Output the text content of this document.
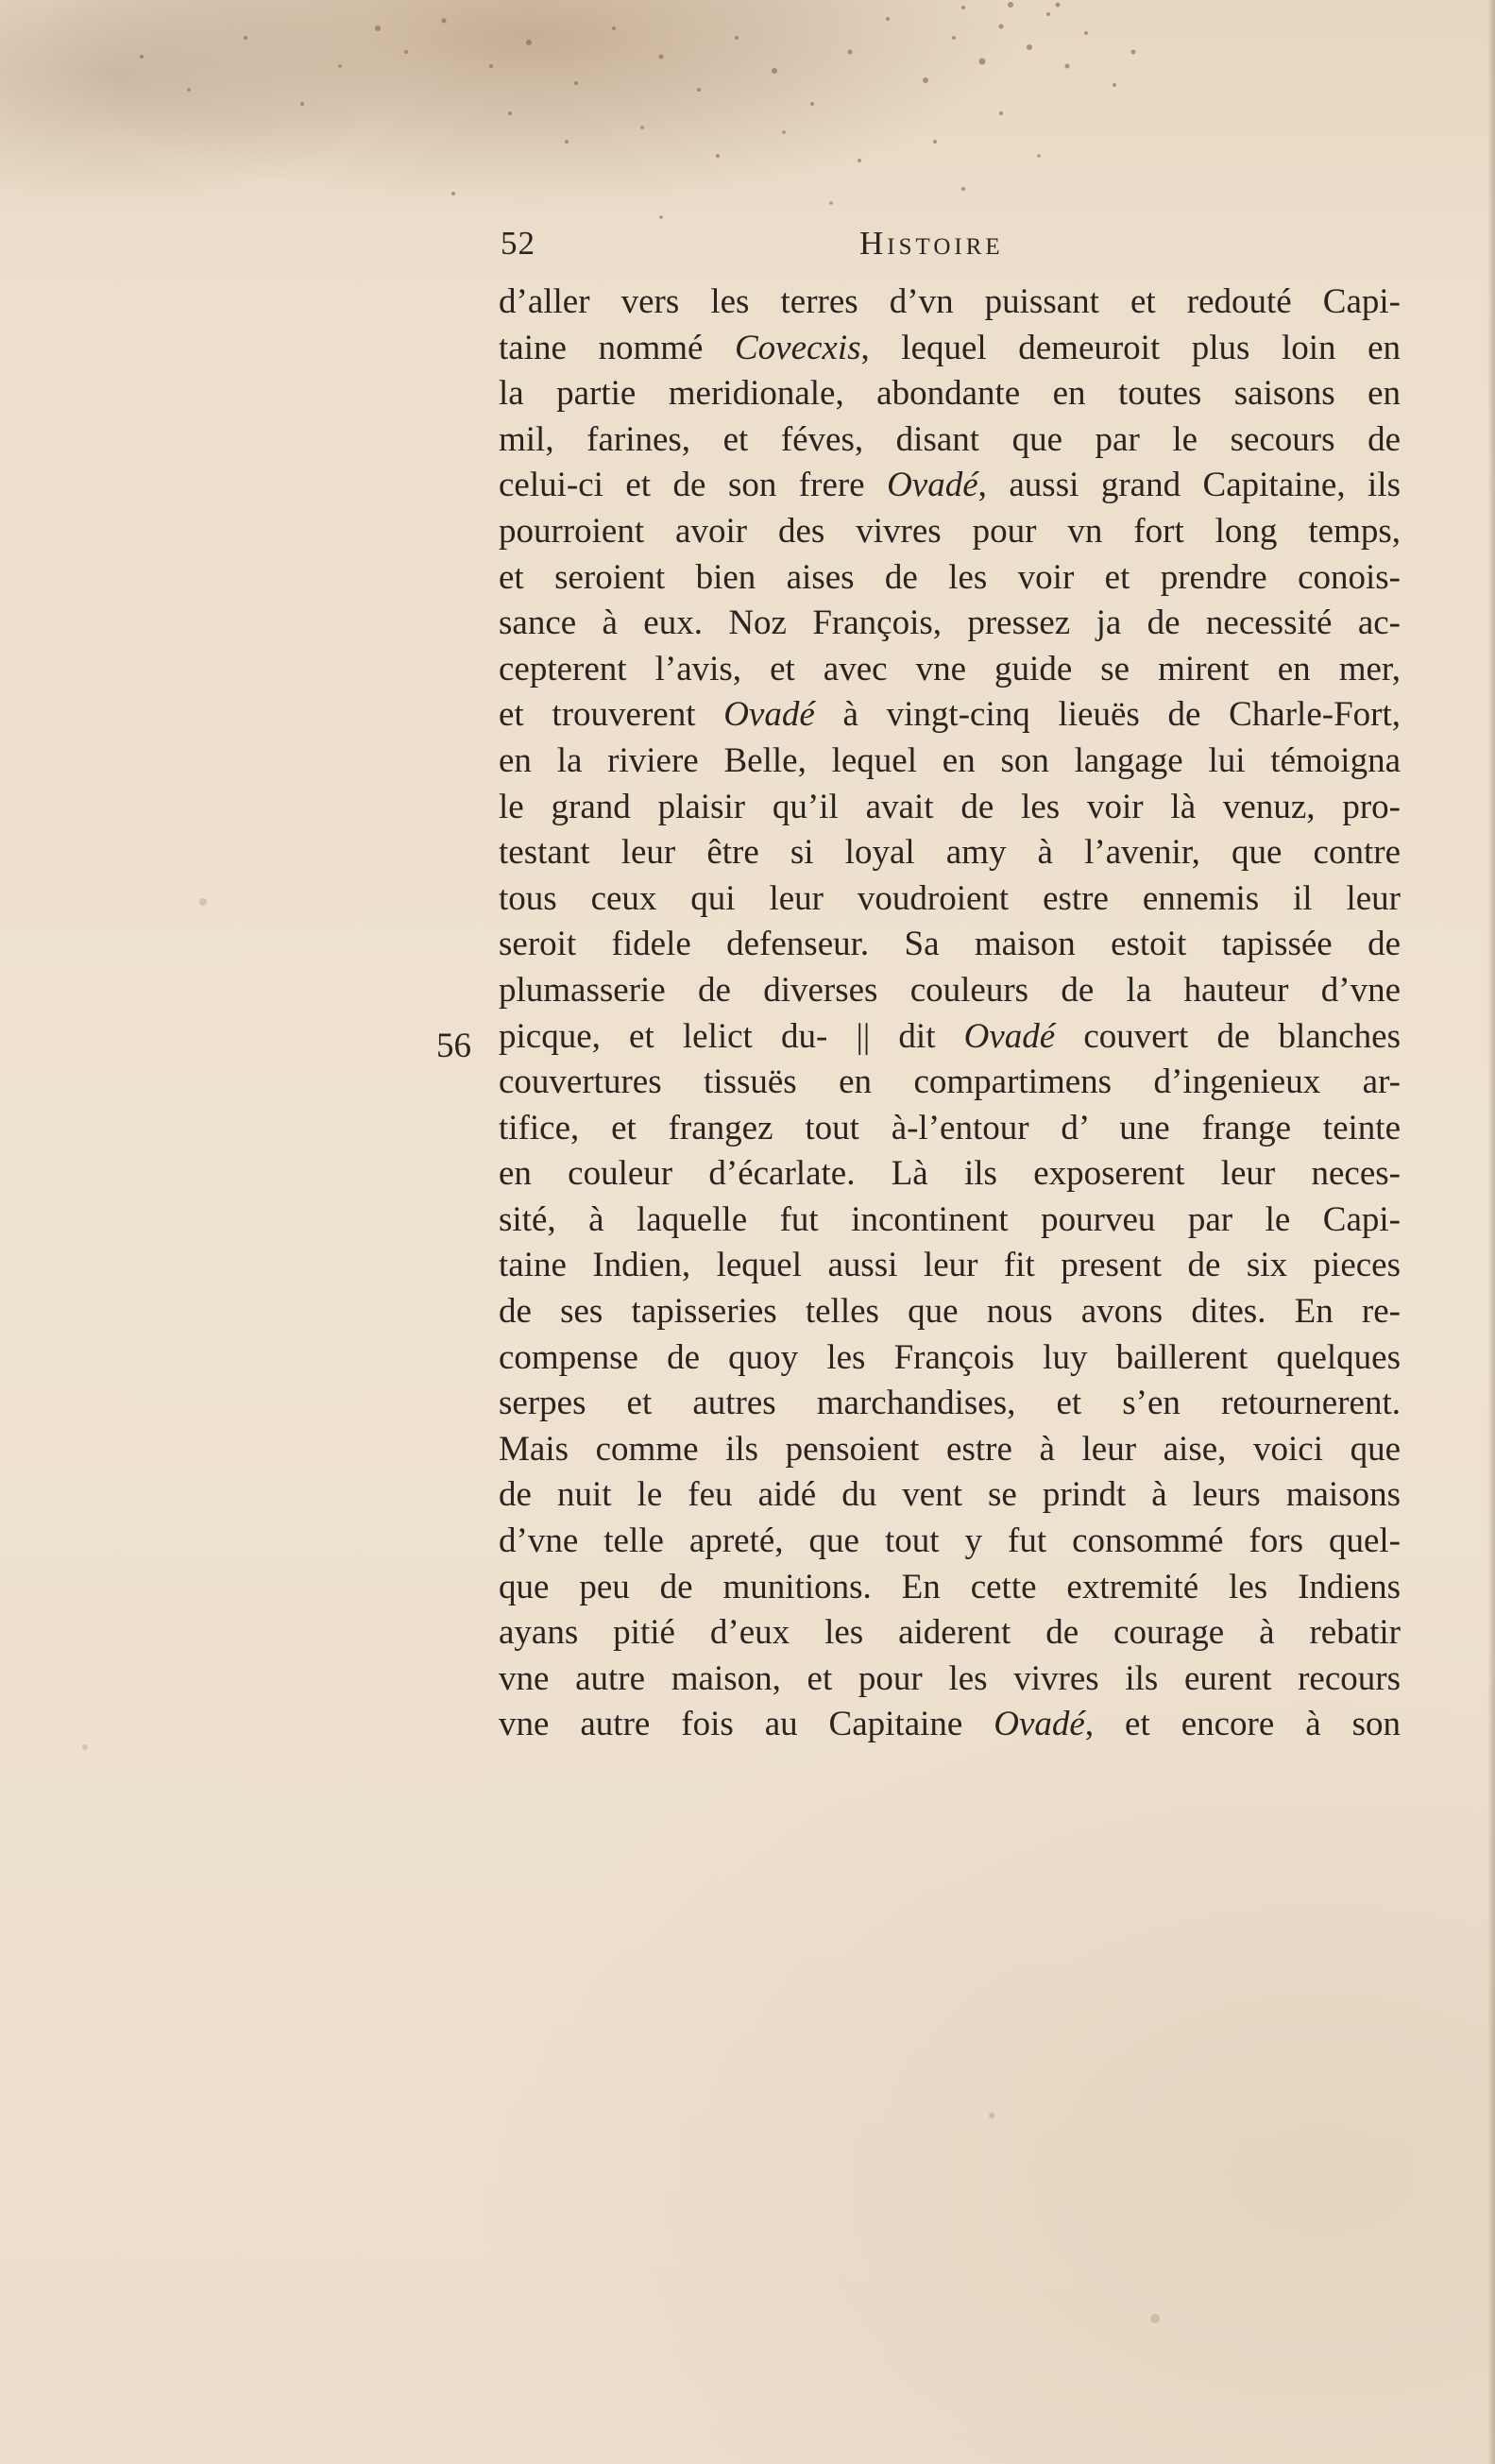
52	Histoire
56
d’aller vers les terres d’vn puissant et redouté Capi-
taine nommé Covecxis, lequel demeuroit plus loin en
la partie meridionale, abondante en toutes saisons en
mil, farines, et féves, disant que par le secours de
celui-ci et de son frere Ovadé, aussi grand Capitaine, ils
pourroient avoir des vivres pour vn fort long temps,
et seroient bien aises de les voir et prendre conois-
sance à eux. Noz François, pressez ja de necessité ac-
cepterent l’avis, et avec vne guide se mirent en mer,
et trouverent Ovadé à vingt-cinq lieuës de Charle-Fort,
en la riviere Belle, lequel en son langage lui témoigna
le grand plaisir qu’il avait de les voir là venuz, pro-
testant leur être si loyal amy à l’avenir, que contre
tous ceux qui leur voudroient estre ennemis il leur
seroit fidele defenseur. Sa maison estoit tapissée de
plumasserie de diverses couleurs de la hauteur d’vne
picque, et lelict du- || dit Ovadé couvert de blanches
couvertures tissuës en compartimens d’ingenieux ar-
tifice, et frangez tout à-l’entour d’ une frange teinte
en couleur d’écarlate. Là ils exposerent leur neces-
sité, à laquelle fut incontinent pourveu par le Capi-
taine Indien, lequel aussi leur fit present de six pieces
de ses tapisseries telles que nous avons dites. En re-
compense de quoy les François luy baillerent quelques
serpes et autres marchandises, et s’en retournerent.
Mais comme ils pensoient estre à leur aise, voici que
de nuit le feu aidé du vent se prindt à leurs maisons
d’vne telle apreté, que tout y fut consommé fors quel-
que peu de munitions. En cette extremité les Indiens
ayans pitié d’eux les aiderent de courage à rebatir
vne autre maison, et pour les vivres ils eurent recours
vne autre fois au Capitaine Ovadé, et encore à son
